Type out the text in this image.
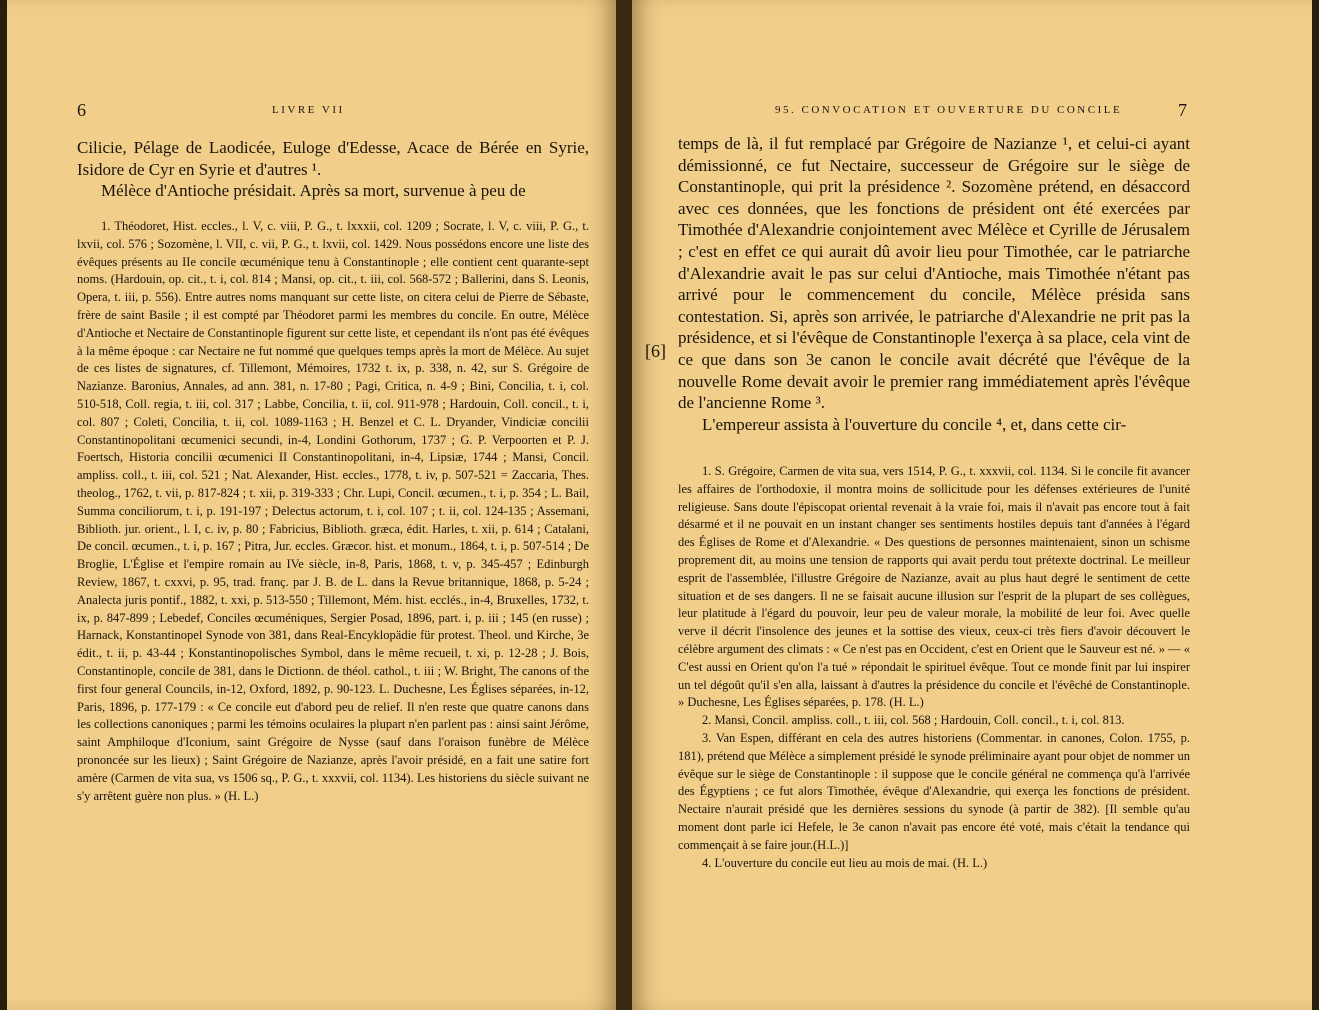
6	LIVRE VII

Cilicie, Pélage de Laodicée, Euloge d'Edesse, Acace de Bérée en Syrie, Isidore de Cyr en Syrie et d'autres ¹.

Mélèce d'Antioche présidait. Après sa mort, survenue à peu de

1. Théodoret, Hist. eccles., l. V, c. viii, P. G., t. lxxxii, col. 1209 ; Socrate, l. V, c. viii, P. G., t. lxvii, col. 576 ; Sozomène, l. VII, c. vii, P. G., t. lxvii, col. 1429. Nous possédons encore une liste des évêques présents au IIe concile œcuménique tenu à Constantinople ; elle contient cent quarante-sept noms. (Hardouin, op. cit., t. i, col. 814 ; Mansi, op. cit., t. iii, col. 568-572 ; Ballerini, dans S. Leonis, Opera, t. iii, p. 556). Entre autres noms manquant sur cette liste, on citera celui de Pierre de Sébaste, frère de saint Basile ; il est compté par Théodoret parmi les membres du concile. En outre, Mélèce d'Antioche et Nectaire de Constantinople figurent sur cette liste, et cependant ils n'ont pas été évêques à la même époque : car Nectaire ne fut nommé que quelques temps après la mort de Mélèce. Au sujet de ces listes de signatures, cf. Tillemont, Mémoires, 1732 t. ix, p. 338, n. 42, sur S. Grégoire de Nazianze. Baronius, Annales, ad ann. 381, n. 17-80 ; Pagi, Critica, n. 4-9 ; Bini, Concilia, t. i, col. 510-518, Coll. regia, t. iii, col. 317 ; Labbe, Concilia, t. ii, col. 911-978 ; Hardouin, Coll. concil., t. i, col. 807 ; Coleti, Concilia, t. ii, col. 1089-1163 ; H. Benzel et C. L. Dryander, Vindiciæ concilii Constantinopolitani œcumenici secundi, in-4, Londini Gothorum, 1737 ; G. P. Verpoorten et P. J. Foertsch, Historia concilii œcumenici II Constantinopolitani, in-4, Lipsiæ, 1744 ; Mansi, Concil. ampliss. coll., t. iii, col. 521 ; Nat. Alexander, Hist. eccles., 1778, t. iv, p. 507-521 = Zaccaria, Thes. theolog., 1762, t. vii, p. 817-824 ; t. xii, p. 319-333 ; Chr. Lupi, Concil. œcumen., t. i, p. 354 ; L. Bail, Summa conciliorum, t. i, p. 191-197 ; Delectus actorum, t. i, col. 107 ; t. ii, col. 124-135 ; Assemani, Biblioth. jur. orient., l. I, c. iv, p. 80 ; Fabricius, Biblioth. græca, édit. Harles, t. xii, p. 614 ; Catalani, De concil. œcumen., t. i, p. 167 ; Pitra, Jur. eccles. Græcor. hist. et monum., 1864, t. i, p. 507-514 ; De Broglie, L'Église et l'empire romain au IVe siècle, in-8, Paris, 1868, t. v, p. 345-457 ; Edinburgh Review, 1867, t. cxxvi, p. 95, trad. franç. par J. B. de L. dans la Revue britannique, 1868, p. 5-24 ; Analecta juris pontif., 1882, t. xxi, p. 513-550 ; Tillemont, Mém. hist. ecclés., in-4, Bruxelles, 1732, t. ix, p. 847-899 ; Lebedef, Conciles œcuméniques, Sergier Posad, 1896, part. i, p. iii ; 145 (en russe) ; Harnack, Konstantinopel Synode von 381, dans Real-Encyklopädie für protest. Theol. und Kirche, 3e édit., t. ii, p. 43-44 ; Konstantinopolisches Symbol, dans le même recueil, t. xi, p. 12-28 ; J. Bois, Constantinople, concile de 381, dans le Dictionn. de théol. cathol., t. iii ; W. Bright, The canons of the first four general Councils, in-12, Oxford, 1892, p. 90-123. L. Duchesne, Les Églises séparées, in-12, Paris, 1896, p. 177-179 : « Ce concile eut d'abord peu de relief. Il n'en reste que quatre canons dans les collections canoniques ; parmi les témoins oculaires la plupart n'en parlent pas : ainsi saint Jérôme, saint Amphiloque d'Iconium, saint Grégoire de Nysse (sauf dans l'oraison funèbre de Mélèce prononcée sur les lieux) ; Saint Grégoire de Nazianze, après l'avoir présidé, en a fait une satire fort amère (Carmen de vita sua, vs 1506 sq., P. G., t. xxxvii, col. 1134). Les historiens du siècle suivant ne s'y arrêtent guère non plus. » (H. L.)

95. CONVOCATION ET OUVERTURE DU CONCILE	7

temps de là, il fut remplacé par Grégoire de Nazianze ¹, et celui-ci ayant démissionné, ce fut Nectaire, successeur de Grégoire sur le siège de Constantinople, qui prit la présidence ². Sozomène prétend, en désaccord avec ces données, que les fonctions de président ont été exercées par Timothée d'Alexandrie conjointement avec Mélèce et Cyrille de Jérusalem ; c'est en effet ce qui aurait dû avoir lieu pour Timothée, car le patriarche d'Alexandrie avait le pas sur celui d'Antioche, mais Timothée n'étant pas arrivé pour le commencement du concile, Mélèce présida sans contestation. Si, après son arrivée, le patriarche d'Alexandrie ne prit pas la présidence, et si l'évêque de Constantinople l'exerça à sa place, cela vint de ce que dans son 3e canon le concile avait décrété que l'évêque de la nouvelle Rome devait avoir le premier rang immédiatement après l'évêque de l'ancienne Rome ³.

L'empereur assista à l'ouverture du concile ⁴, et, dans cette cir-

1. S. Grégoire, Carmen de vita sua, vers 1514, P. G., t. xxxvii, col. 1134. Si le concile fit avancer les affaires de l'orthodoxie, il montra moins de sollicitude pour les défenses extérieures de l'unité religieuse. Sans doute l'épiscopat oriental revenait à la vraie foi, mais il n'avait pas encore tout à fait désarmé et il ne pouvait en un instant changer ses sentiments hostiles depuis tant d'années à l'égard des Églises de Rome et d'Alexandrie. « Des questions de personnes maintenaient, sinon un schisme proprement dit, au moins une tension de rapports qui avait perdu tout prétexte doctrinal. Le meilleur esprit de l'assemblée, l'illustre Grégoire de Nazianze, avait au plus haut degré le sentiment de cette situation et de ses dangers. Il ne se faisait aucune illusion sur l'esprit de la plupart de ses collègues, leur platitude à l'égard du pouvoir, leur peu de valeur morale, la mobilité de leur foi. Avec quelle verve il décrit l'insolence des jeunes et la sottise des vieux, ceux-ci très fiers d'avoir découvert le célèbre argument des climats : « Ce n'est pas en Occident, c'est en Orient que le Sauveur est né. » — « C'est aussi en Orient qu'on l'a tué » répondait le spirituel évêque. Tout ce monde finit par lui inspirer un tel dégoût qu'il s'en alla, laissant à d'autres la présidence du concile et l'évêché de Constantinople. » Duchesne, Les Églises séparées, p. 178. (H. L.)

2. Mansi, Concil. ampliss. coll., t. iii, col. 568 ; Hardouin, Coll. concil., t. i, col. 813.

3. Van Espen, différant en cela des autres historiens (Commentar. in canones, Colon. 1755, p. 181), prétend que Mélèce a simplement présidé le synode préliminaire ayant pour objet de nommer un évêque sur le siège de Constantinople : il suppose que le concile général ne commença qu'à l'arrivée des Égyptiens ; ce fut alors Timothée, évêque d'Alexandrie, qui exerça les fonctions de président. Nectaire n'aurait présidé que les dernières sessions du synode (à partir de 382). [Il semble qu'au moment dont parle ici Hefele, le 3e canon n'avait pas encore été voté, mais c'était la tendance qui commençait à se faire jour.(H.L.)]

4. L'ouverture du concile eut lieu au mois de mai. (H. L.)

[6]
